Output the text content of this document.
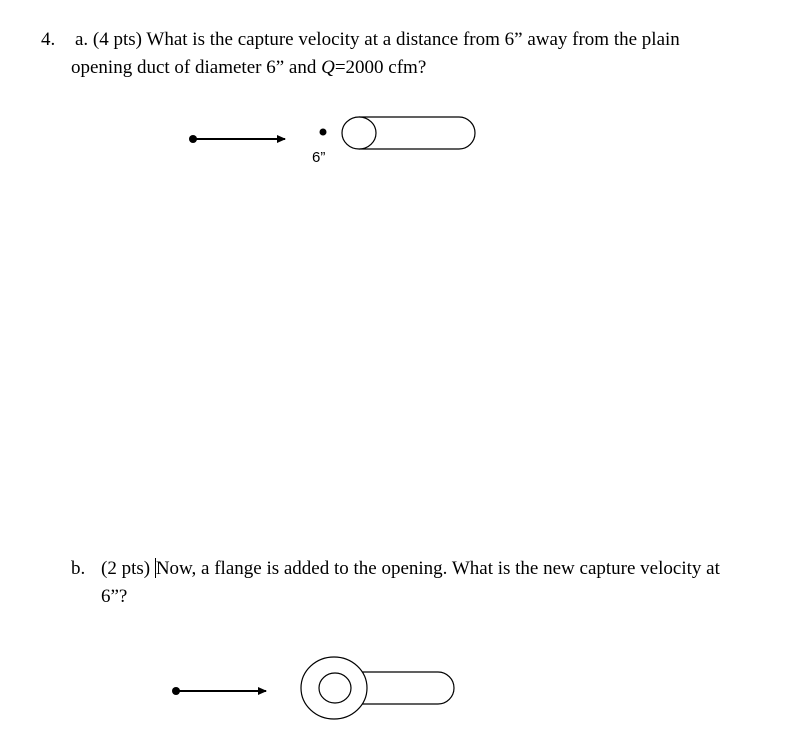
4. a. (4 pts) What is the capture velocity at a distance from 6” away from the plain
opening duct of diameter 6” and Q=2000 cfm?
6”
b. (2 pts) Now, a flange is added to the opening. What is the new capture velocity at
6”?
